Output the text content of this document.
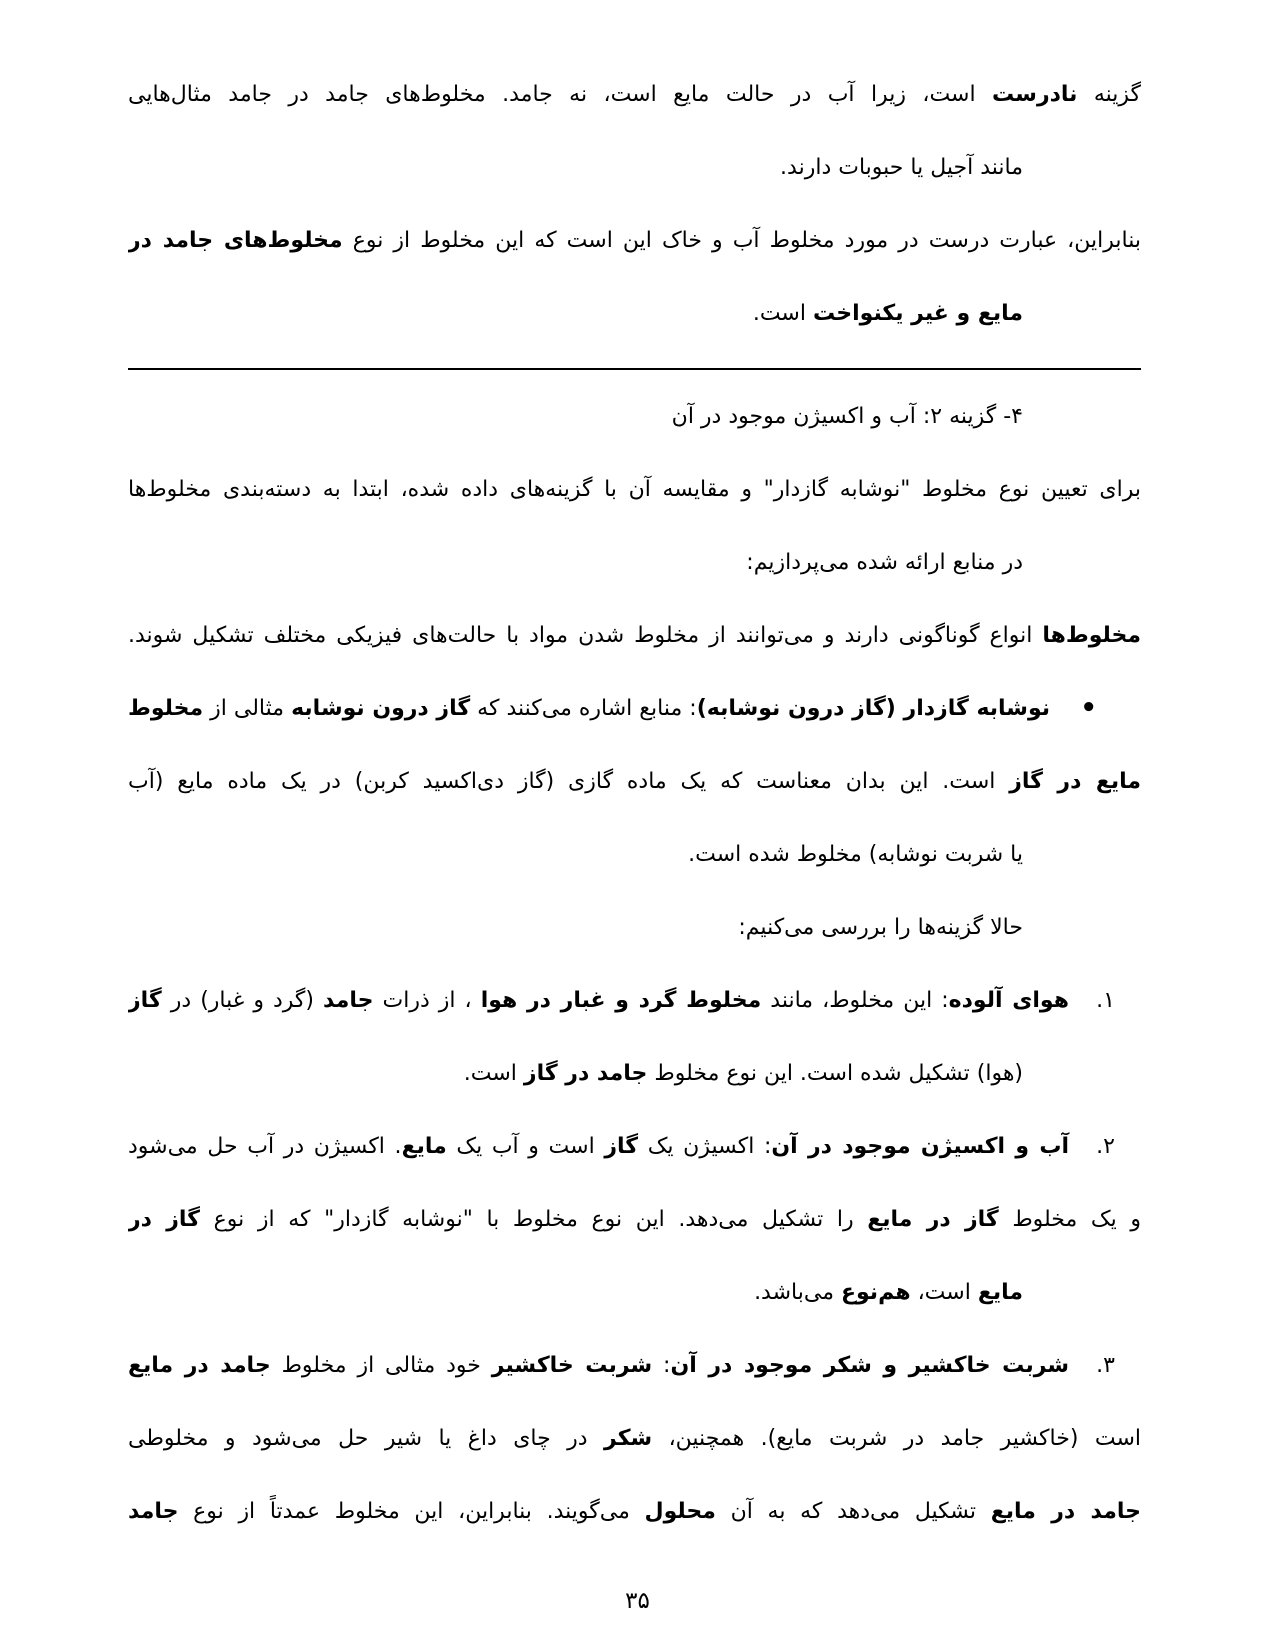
گزینه نادرست است، زیرا آب در حالت مایع است، نه جامد. مخلوط‌های جامد در جامد مثال‌هایی
مانند آجیل یا حبوبات دارند.
بنابراین، عبارت درست در مورد مخلوط آب و خاک این است که این مخلوط از نوع مخلوط‌های جامد در
مایع و غیر یکنواخت است.
۴- گزینه ۲: آب و اکسیژن موجود در آن
برای تعیین نوع مخلوط "نوشابه گازدار" و مقایسه آن با گزینه‌های داده شده، ابتدا به دسته‌بندی مخلوط‌ها
در منابع ارائه شده می‌پردازیم:
مخلوط‌ها انواع گوناگونی دارند و می‌توانند از مخلوط شدن مواد با حالت‌های فیزیکی مختلف تشکیل شوند.
•
نوشابه گازدار (گاز درون نوشابه): منابع اشاره می‌کنند که گاز درون نوشابه مثالی از مخلوط
مایع در گاز است. این بدان معناست که یک ماده گازی (گاز دی‌اکسید کربن) در یک ماده مایع (آب
یا شربت نوشابه) مخلوط شده است.
حالا گزینه‌ها را بررسی می‌کنیم:
۱.
هوای آلوده: این مخلوط، مانند مخلوط گرد و غبار در هوا ، از ذرات جامد (گرد و غبار) در گاز
(هوا) تشکیل شده است. این نوع مخلوط جامد در گاز است.
۲.
آب و اکسیژن موجود در آن: اکسیژن یک گاز است و آب یک مایع. اکسیژن در آب حل می‌شود
و یک مخلوط گاز در مایع را تشکیل می‌دهد. این نوع مخلوط با "نوشابه گازدار" که از نوع گاز در
مایع است، هم‌نوع می‌باشد.
۳.
شربت خاکشیر و شکر موجود در آن: شربت خاکشیر خود مثالی از مخلوط جامد در مایع
است (خاکشیر جامد در شربت مایع). همچنین، شکر در چای داغ یا شیر حل می‌شود و مخلوطی
جامد در مایع تشکیل می‌دهد که به آن محلول می‌گویند. بنابراین، این مخلوط عمدتاً از نوع جامد
۳۵
